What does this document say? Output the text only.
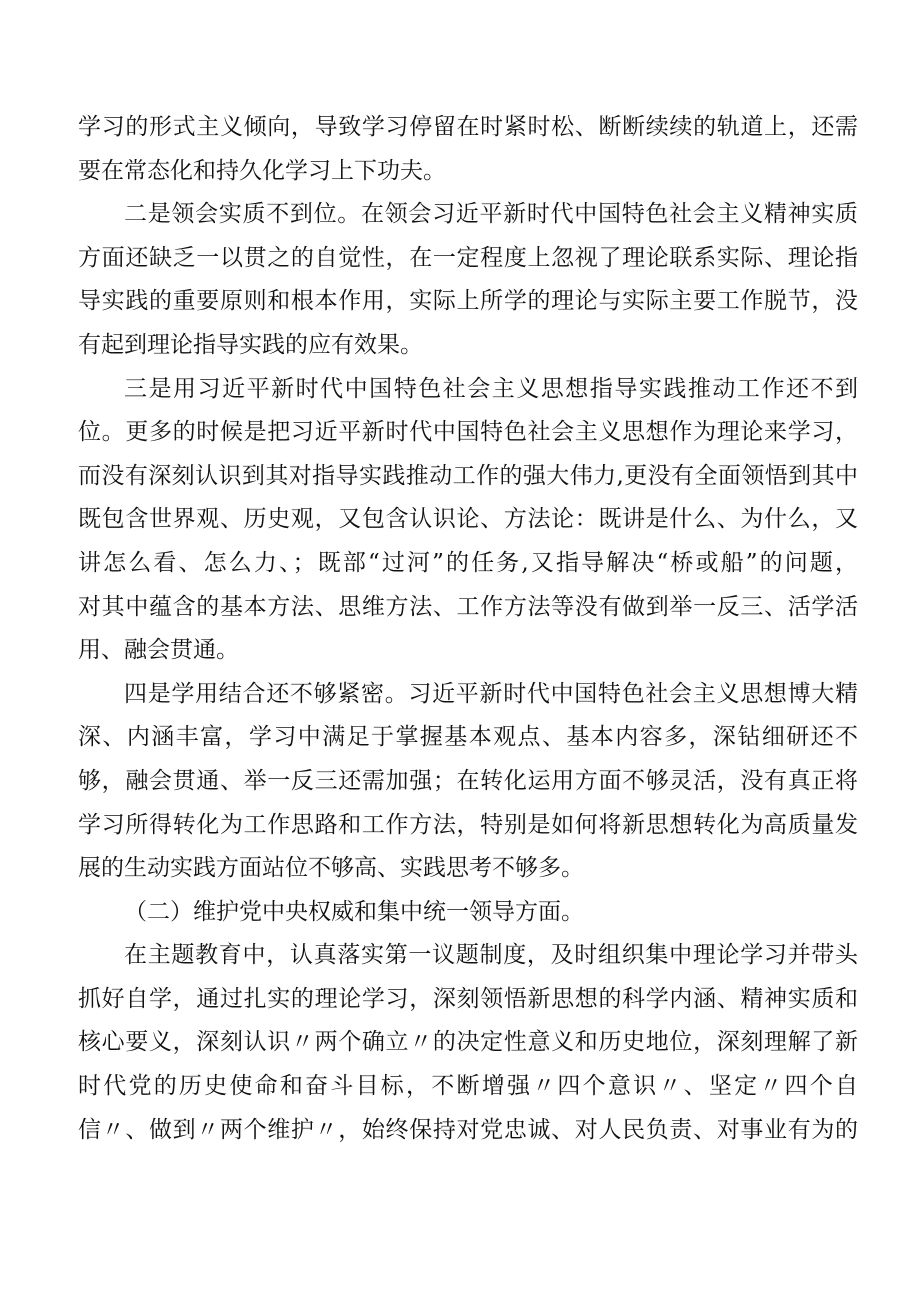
学习的形式主义倾向，导致学习停留在时紧时松、断断续续的轨道上，还需
要在常态化和持久化学习上下功夫。
二是领会实质不到位。在领会习近平新时代中国特色社会主义精神实质
方面还缺乏一以贯之的自觉性，在一定程度上忽视了理论联系实际、理论指
导实践的重要原则和根本作用，实际上所学的理论与实际主要工作脱节，没
有起到理论指导实践的应有效果。
三是用习近平新时代中国特色社会主义思想指导实践推动工作还不到
位。更多的时候是把习近平新时代中国特色社会主义思想作为理论来学习，
而没有深刻认识到其对指导实践推动工作的强大伟力,更没有全面领悟到其中
既包含世界观、历史观，又包含认识论、方法论：既讲是什么、为什么，又
讲怎么看、怎么力、；既部“过河”的任务,又指导解决“桥或船”的问题，
对其中蕴含的基本方法、思维方法、工作方法等没有做到举一反三、活学活
用、融会贯通。
四是学用结合还不够紧密。习近平新时代中国特色社会主义思想博大精
深、内涵丰富，学习中满足于掌握基本观点、基本内容多，深钻细研还不
够，融会贯通、举一反三还需加强；在转化运用方面不够灵活，没有真正将
学习所得转化为工作思路和工作方法，特别是如何将新思想转化为高质量发
展的生动实践方面站位不够高、实践思考不够多。
（二）维护党中央权威和集中统一领导方面。
在主题教育中，认真落实第一议题制度，及时组织集中理论学习并带头
抓好自学，通过扎实的理论学习，深刻领悟新思想的科学内涵、精神实质和
核心要义，深刻认识〃两个确立〃的决定性意义和历史地位，深刻理解了新
时代党的历史使命和奋斗目标，不断增强〃四个意识〃、坚定〃四个自
信〃、做到〃两个维护〃，始终保持对党忠诚、对人民负责、对事业有为的
